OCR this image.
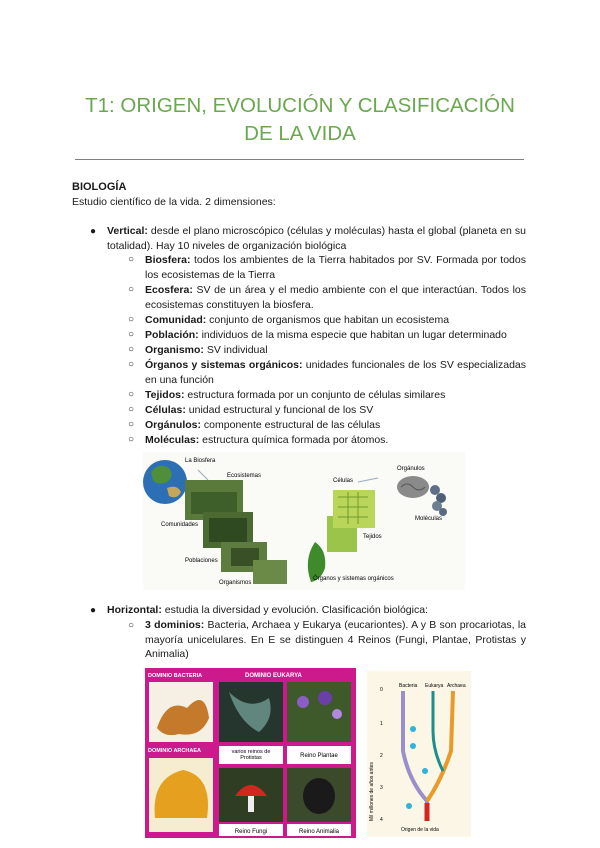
T1: ORIGEN, EVOLUCIÓN Y CLASIFICACIÓN
DE LA VIDA
BIOLOGÍA
Estudio científico de la vida. 2 dimensiones:
● Vertical: desde el plano microscópico (células y moléculas) hasta el global (planeta en su totalidad). Hay 10 niveles de organización biológica
○ Biosfera: todos los ambientes de la Tierra habitados por SV. Formada por todos los ecosistemas de la Tierra
○ Ecosfera: SV de un área y el medio ambiente con el que interactúan. Todos los ecosistemas constituyen la biosfera.
○ Comunidad: conjunto de organismos que habitan un ecosistema
○ Población: individuos de la misma especie que habitan un lugar determinado
○ Organismo: SV individual
○ Órganos y sistemas orgánicos: unidades funcionales de los SV especializadas en una función
○ Tejidos: estructura formada por un conjunto de células similares
○ Células: unidad estructural y funcional de los SV
○ Orgánulos: componente estructural de las células
○ Moléculas: estructura química formada por átomos.
La Biosfera
Ecosistemas
Comunidades
Poblaciones
Organismos
Células
Orgánulos
Moléculas
Tejidos
Órganos y sistemas orgánicos
● Horizontal: estudia la diversidad y evolución. Clasificación biológica:
○ 3 dominios: Bacteria, Archaea y Eukarya (eucariontes). A y B son procariotas, la mayoría unicelulares. En E se distinguen 4 Reinos (Fungi, Plantae, Protistas y Animalia)
DOMINIO BACTERIA	DOMINIO EUKARYA
DOMINIO ARCHAEA	varios reinos de Protistas	Reino Plantae
Reino Fungi	Reino Animalia
Bacteria Eukarya Archaea
Mil millones de años antes
0
1
2
3
4
Origen de la vida
